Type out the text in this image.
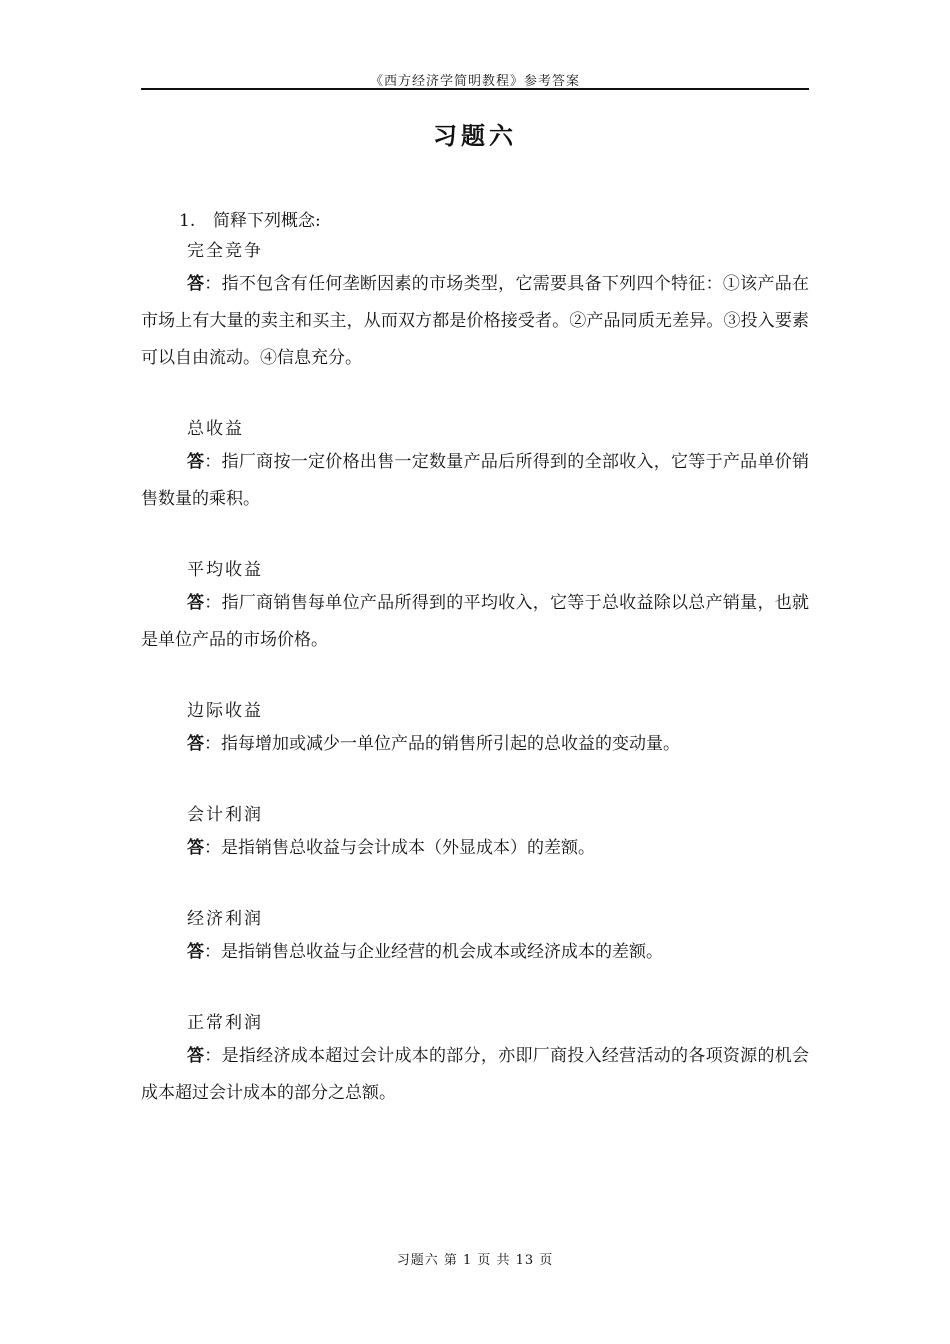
《西方经济学简明教程》参考答案
习题六

1. 简释下列概念:

完全竞争

答：指不包含有任何垄断因素的市场类型，它需要具备下列四个特征：①该产品在市场上有大量的卖主和买主，从而双方都是价格接受者。②产品同质无差异。③投入要素可以自由流动。④信息充分。

总收益

答：指厂商按一定价格出售一定数量产品后所得到的全部收入，它等于产品单价销售数量的乘积。

平均收益

答：指厂商销售每单位产品所得到的平均收入，它等于总收益除以总产销量，也就是单位产品的市场价格。

边际收益

答：指每增加或减少一单位产品的销售所引起的总收益的变动量。

会计利润

答：是指销售总收益与会计成本（外显成本）的差额。

经济利润

答：是指销售总收益与企业经营的机会成本或经济成本的差额。

正常利润

答：是指经济成本超过会计成本的部分，亦即厂商投入经营活动的各项资源的机会成本超过会计成本的部分之总额。

习题六 第 1 页 共 13 页
